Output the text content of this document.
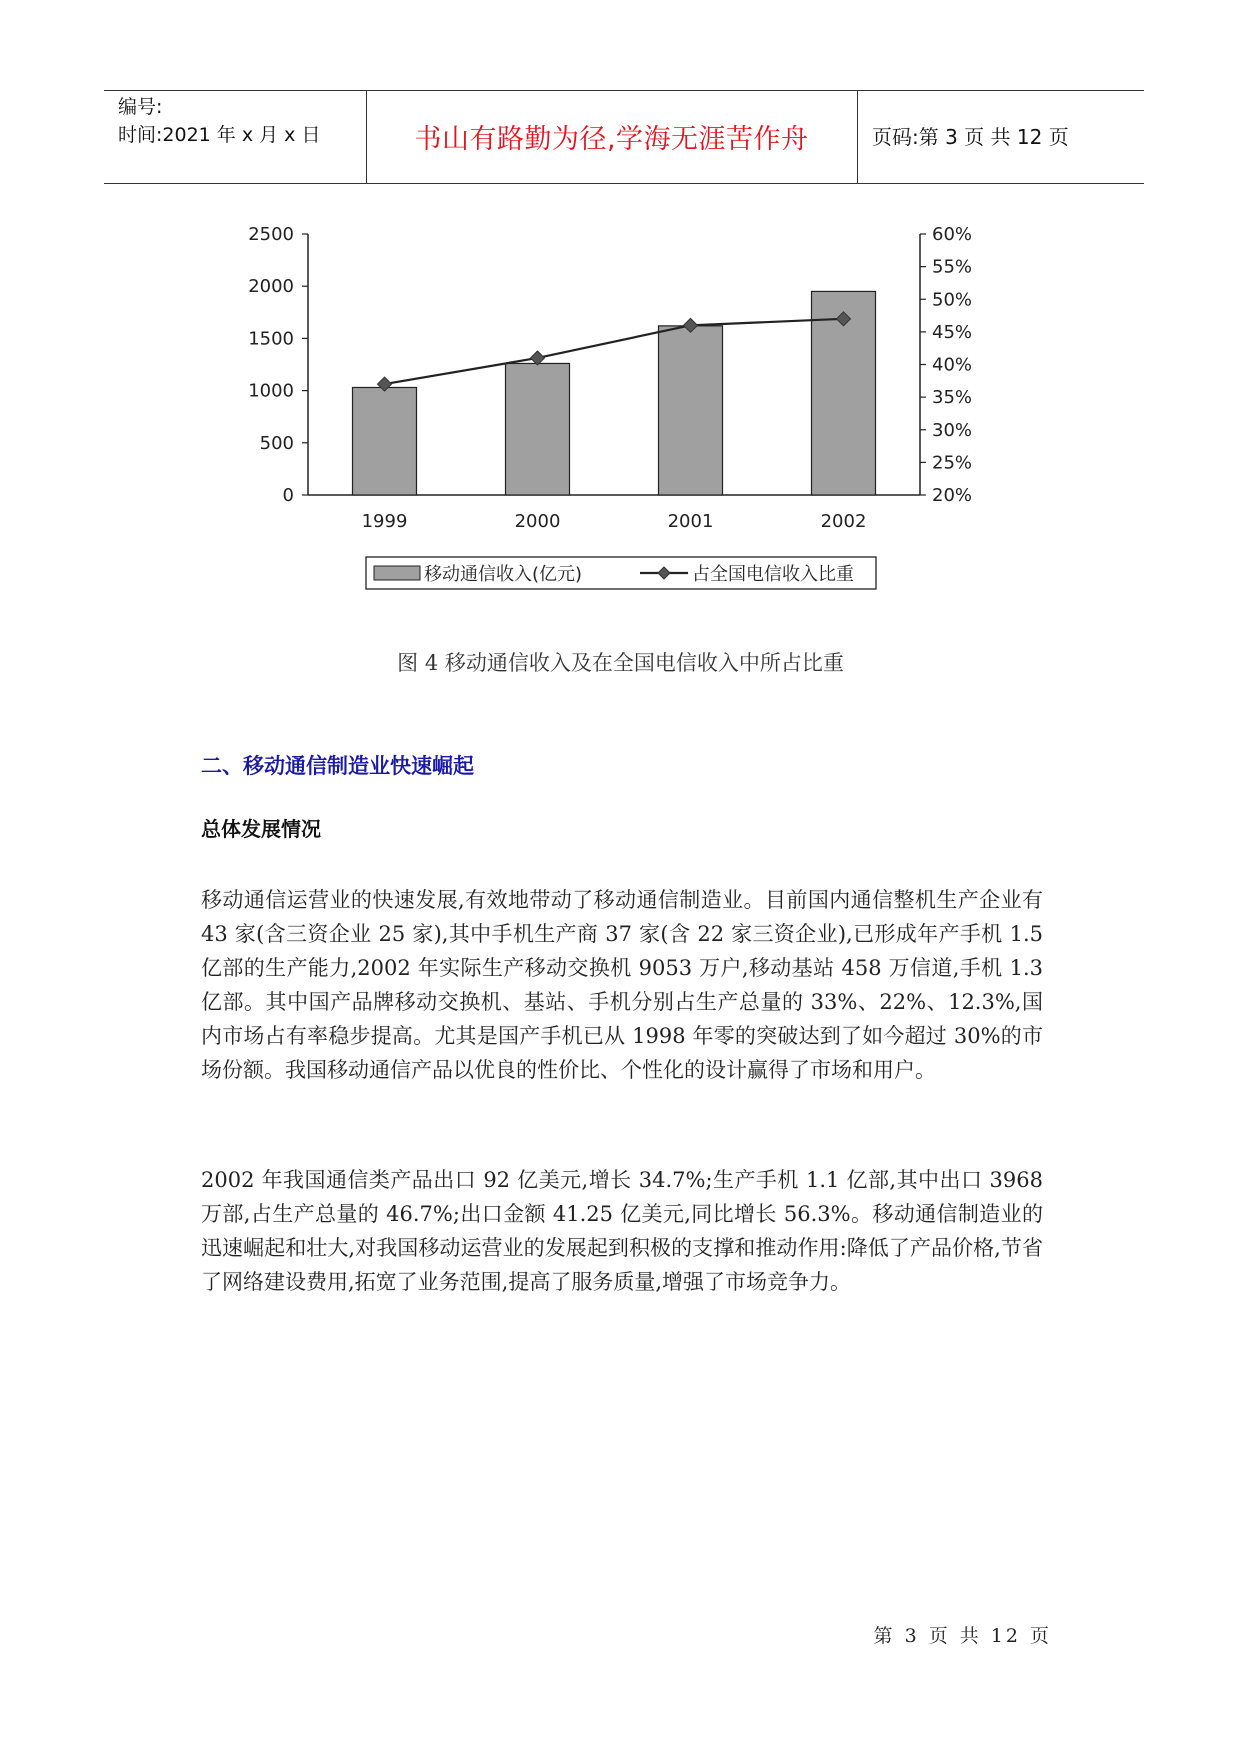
编号:
时间:2021 年 x 月 x 日	书山有路勤为径,学海无涯苦作舟	页码:第 3 页 共 12 页
0
500
1000
1500
2000
2500
20%
25%
30%
35%
40%
45%
50%
55%
60%
1999	2000	2001	2002
移动通信收入(亿元)	占全国电信收入比重
图 4 移动通信收入及在全国电信收入中所占比重
二、移动通信制造业快速崛起
总体发展情况
移动通信运营业的快速发展,有效地带动了移动通信制造业。目前国内通信整机生产企业有 43 家(含三资企业 25 家),其中手机生产商 37 家(含 22 家三资企业),已形成年产手机 1.5 亿部的生产能力,2002 年实际生产移动交换机 9053 万户,移动基站 458 万信道,手机 1.3 亿部。其中国产品牌移动交换机、基站、手机分别占生产总量的 33%、22%、12.3%,国内市场占有率稳步提高。尤其是国产手机已从 1998 年零的突破达到了如今超过 30%的市场份额。我国移动通信产品以优良的性价比、个性化的设计赢得了市场和用户。
2002 年我国通信类产品出口 92 亿美元,增长 34.7%;生产手机 1.1 亿部,其中出口 3968 万部,占生产总量的 46.7%;出口金额 41.25 亿美元,同比增长 56.3%。移动通信制造业的迅速崛起和壮大,对我国移动运营业的发展起到积极的支撑和推动作用:降低了产品价格,节省了网络建设费用,拓宽了业务范围,提高了服务质量,增强了市场竞争力。
第 3 页 共 12 页
